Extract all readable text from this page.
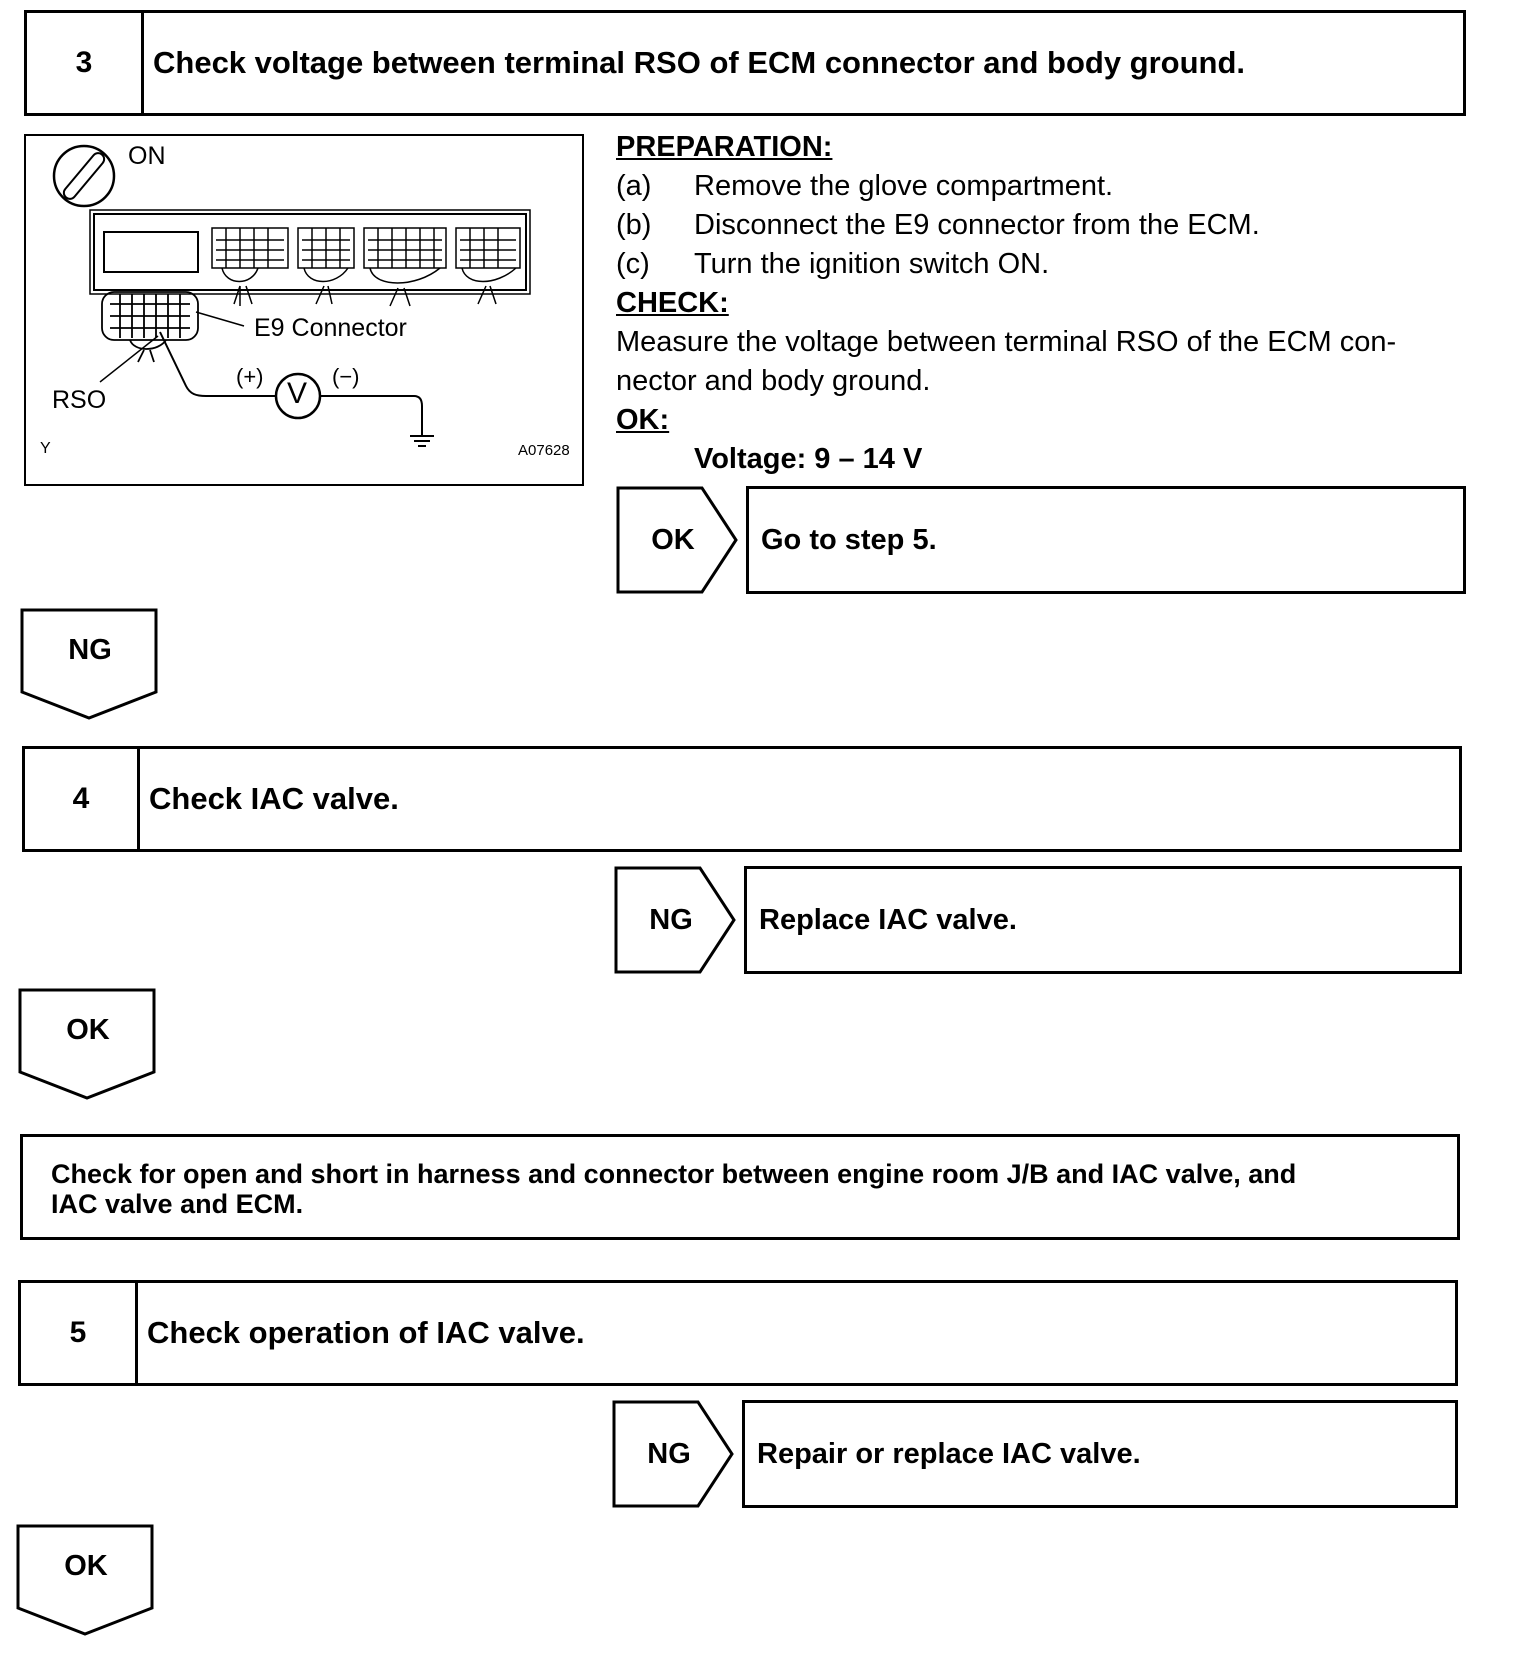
3	Check voltage between terminal RSO of ECM connector and body ground.
ON
E9 Connector
RSO
(+)	(−)
V
Y	A07628
PREPARATION:
(a) Remove the glove compartment.
(b) Disconnect the E9 connector from the ECM.
(c) Turn the ignition switch ON.
CHECK:
Measure the voltage between terminal RSO of the ECM con-
nector and body ground.
OK:
Voltage: 9 – 14 V
OK	Go to step 5.
NG
4	Check IAC valve.
NG	Replace IAC valve.
OK
Check for open and short in harness and connector between engine room J/B and IAC valve, and
IAC valve and ECM.
5	Check operation of IAC valve.
NG	Repair or replace IAC valve.
OK
